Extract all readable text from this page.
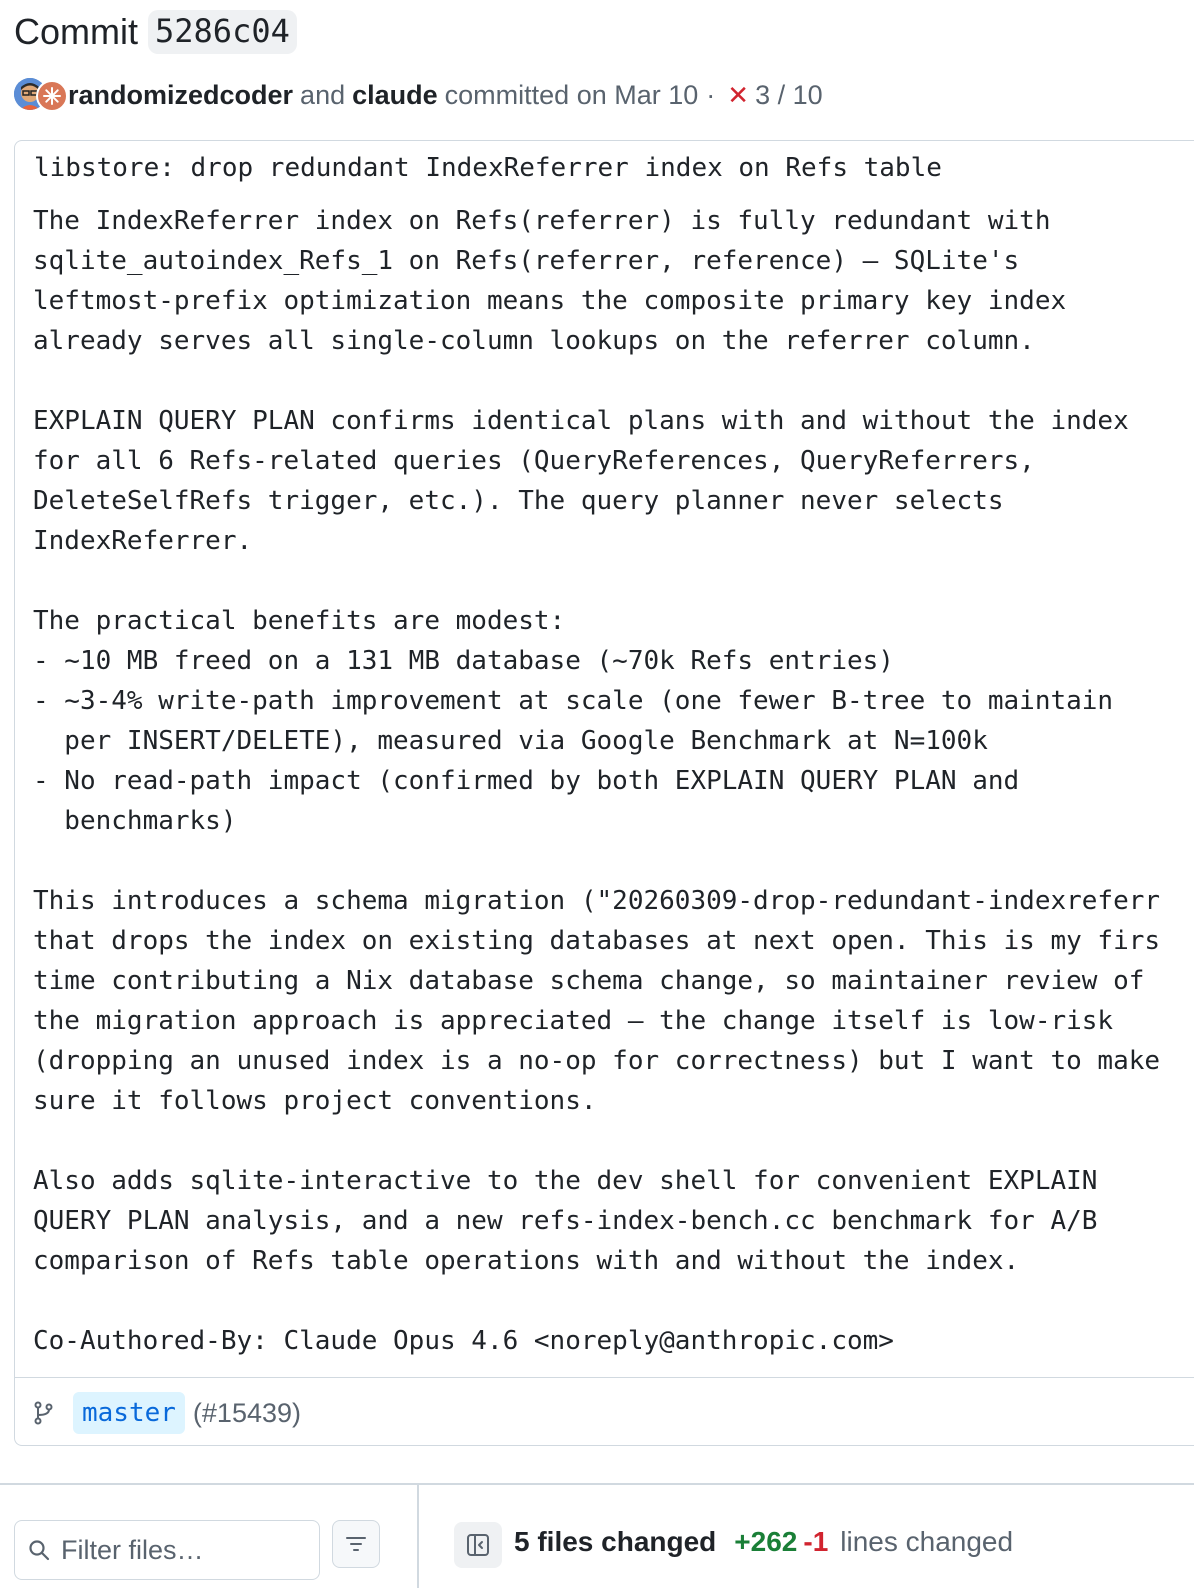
Commit 5286c04
randomizedcoder and claude committed on Mar 10 · ✕ 3 / 10
libstore: drop redundant IndexReferrer index on Refs table
The IndexReferrer index on Refs(referrer) is fully redundant with
sqlite_autoindex_Refs_1 on Refs(referrer, reference) — SQLite's
leftmost-prefix optimization means the composite primary key index
already serves all single-column lookups on the referrer column.

EXPLAIN QUERY PLAN confirms identical plans with and without the index
for all 6 Refs-related queries (QueryReferences, QueryReferrers,
DeleteSelfRefs trigger, etc.). The query planner never selects
IndexReferrer.

The practical benefits are modest:
- ~10 MB freed on a 131 MB database (~70k Refs entries)
- ~3-4% write-path improvement at scale (one fewer B-tree to maintain
per INSERT/DELETE), measured via Google Benchmark at N=100k
- No read-path impact (confirmed by both EXPLAIN QUERY PLAN and
benchmarks)

This introduces a schema migration ("20260309-drop-redundant-indexreferr
that drops the index on existing databases at next open. This is my firs
time contributing a Nix database schema change, so maintainer review of
the migration approach is appreciated — the change itself is low-risk
(dropping an unused index is a no-op for correctness) but I want to make
sure it follows project conventions.

Also adds sqlite-interactive to the dev shell for convenient EXPLAIN
QUERY PLAN analysis, and a new refs-index-bench.cc benchmark for A/B
comparison of Refs table operations with and without the index.

Co-Authored-By: Claude Opus 4.6 <noreply@anthropic.com>
master (#15439)
Filter files…	5 files changed +262 -1 lines changed
